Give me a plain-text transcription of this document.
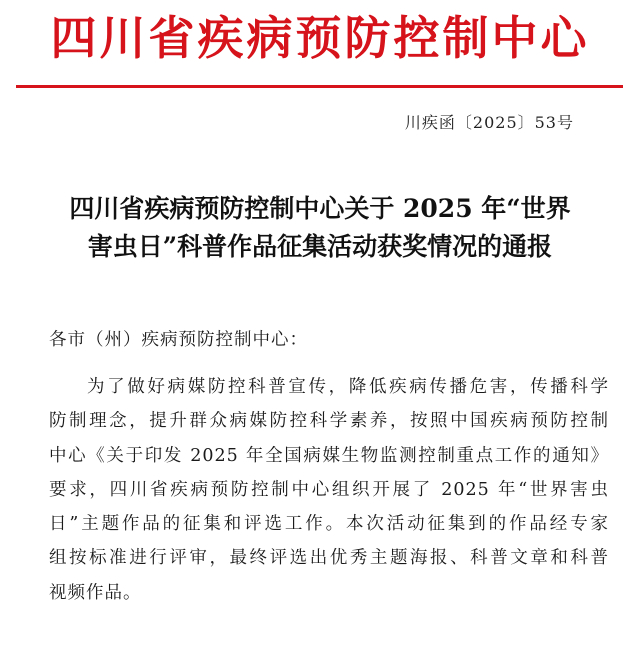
四川省疾病预防控制中心
川疾函〔2025〕53号
四川省疾病预防控制中心关于 2025 年“世界
害虫日”科普作品征集活动获奖情况的通报
各市（州）疾病预防控制中心：
为了做好病媒防控科普宣传，降低疾病传播危害，传播科学
防制理念，提升群众病媒防控科学素养，按照中国疾病预防控制
中心《关于印发 2025 年全国病媒生物监测控制重点工作的通知》
要求，四川省疾病预防控制中心组织开展了 2025 年“世界害虫
日”主题作品的征集和评选工作。本次活动征集到的作品经专家
组按标准进行评审，最终评选出优秀主题海报、科普文章和科普
视频作品。
